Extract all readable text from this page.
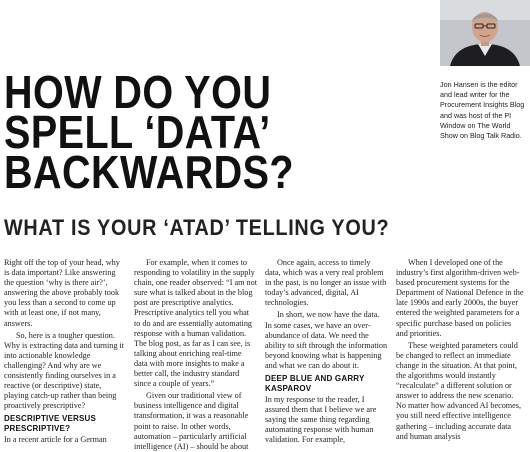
HOW DO YOU
SPELL ‘DATA’
BACKWARDS?
WHAT IS YOUR ‘ATAD’ TELLING YOU?
Jon Hansen is the editor and lead writer for the Procurement Insights Blog and was host of the PI Window on The World Show on Blog Talk Radio.

Right off the top of your head, why is data important? Like answering the question ‘why is there air?’, answering the above probably took you less than a second to come up with at least one, if not many, answers.

So, here is a tougher question. Why is extracting data and turning it into actionable knowledge challenging? And why are we consistently finding ourselves in a reactive (or descriptive) state, playing catch-up rather than being proactively prescriptive?

DESCRIPTIVE VERSUS PRESCRIPTIVE?

In a recent article for a German

For example, when it comes to responding to volatility in the supply chain, one reader observed: “I am not sure what is talked about in the blog post are prescriptive analytics. Prescriptive analytics tell you what to do and are essentially automating response with a human validation. The blog post, as far as I can see, is talking about enriching real-time data with more insights to make a better call, the industry standard since a couple of years.”

Given our traditional view of business intelligence and digital transformation, it was a reasonable point to raise. In other words, automation – particularly artificial intelligence (AI) – should be about

Once again, access to timely data, which was a very real problem in the past, is no longer an issue with today’s advanced, digital, AI technologies.

In short, we now have the data. In some cases, we have an over-abundance of data. We need the ability to sift through the information beyond knowing what is happening and what we can do about it.

DEEP BLUE AND GARRY KASPAROV

In my response to the reader, I assured them that I believe we are saying the same thing regarding automating response with human validation. For example,

When I developed one of the industry’s first algorithm-driven web-based procurement systems for the Department of National Defence in the late 1990s and early 2000s, the buyer entered the weighted parameters for a specific purchase based on policies and priorities.

These weighted parameters could be changed to reflect an immediate change in the situation. At that point, the algorithms would instantly “recalculate” a different solution or answer to address the new scenario. No matter how advanced AI becomes, you still need effective intelligence gathering – including accurate data and human analysis
